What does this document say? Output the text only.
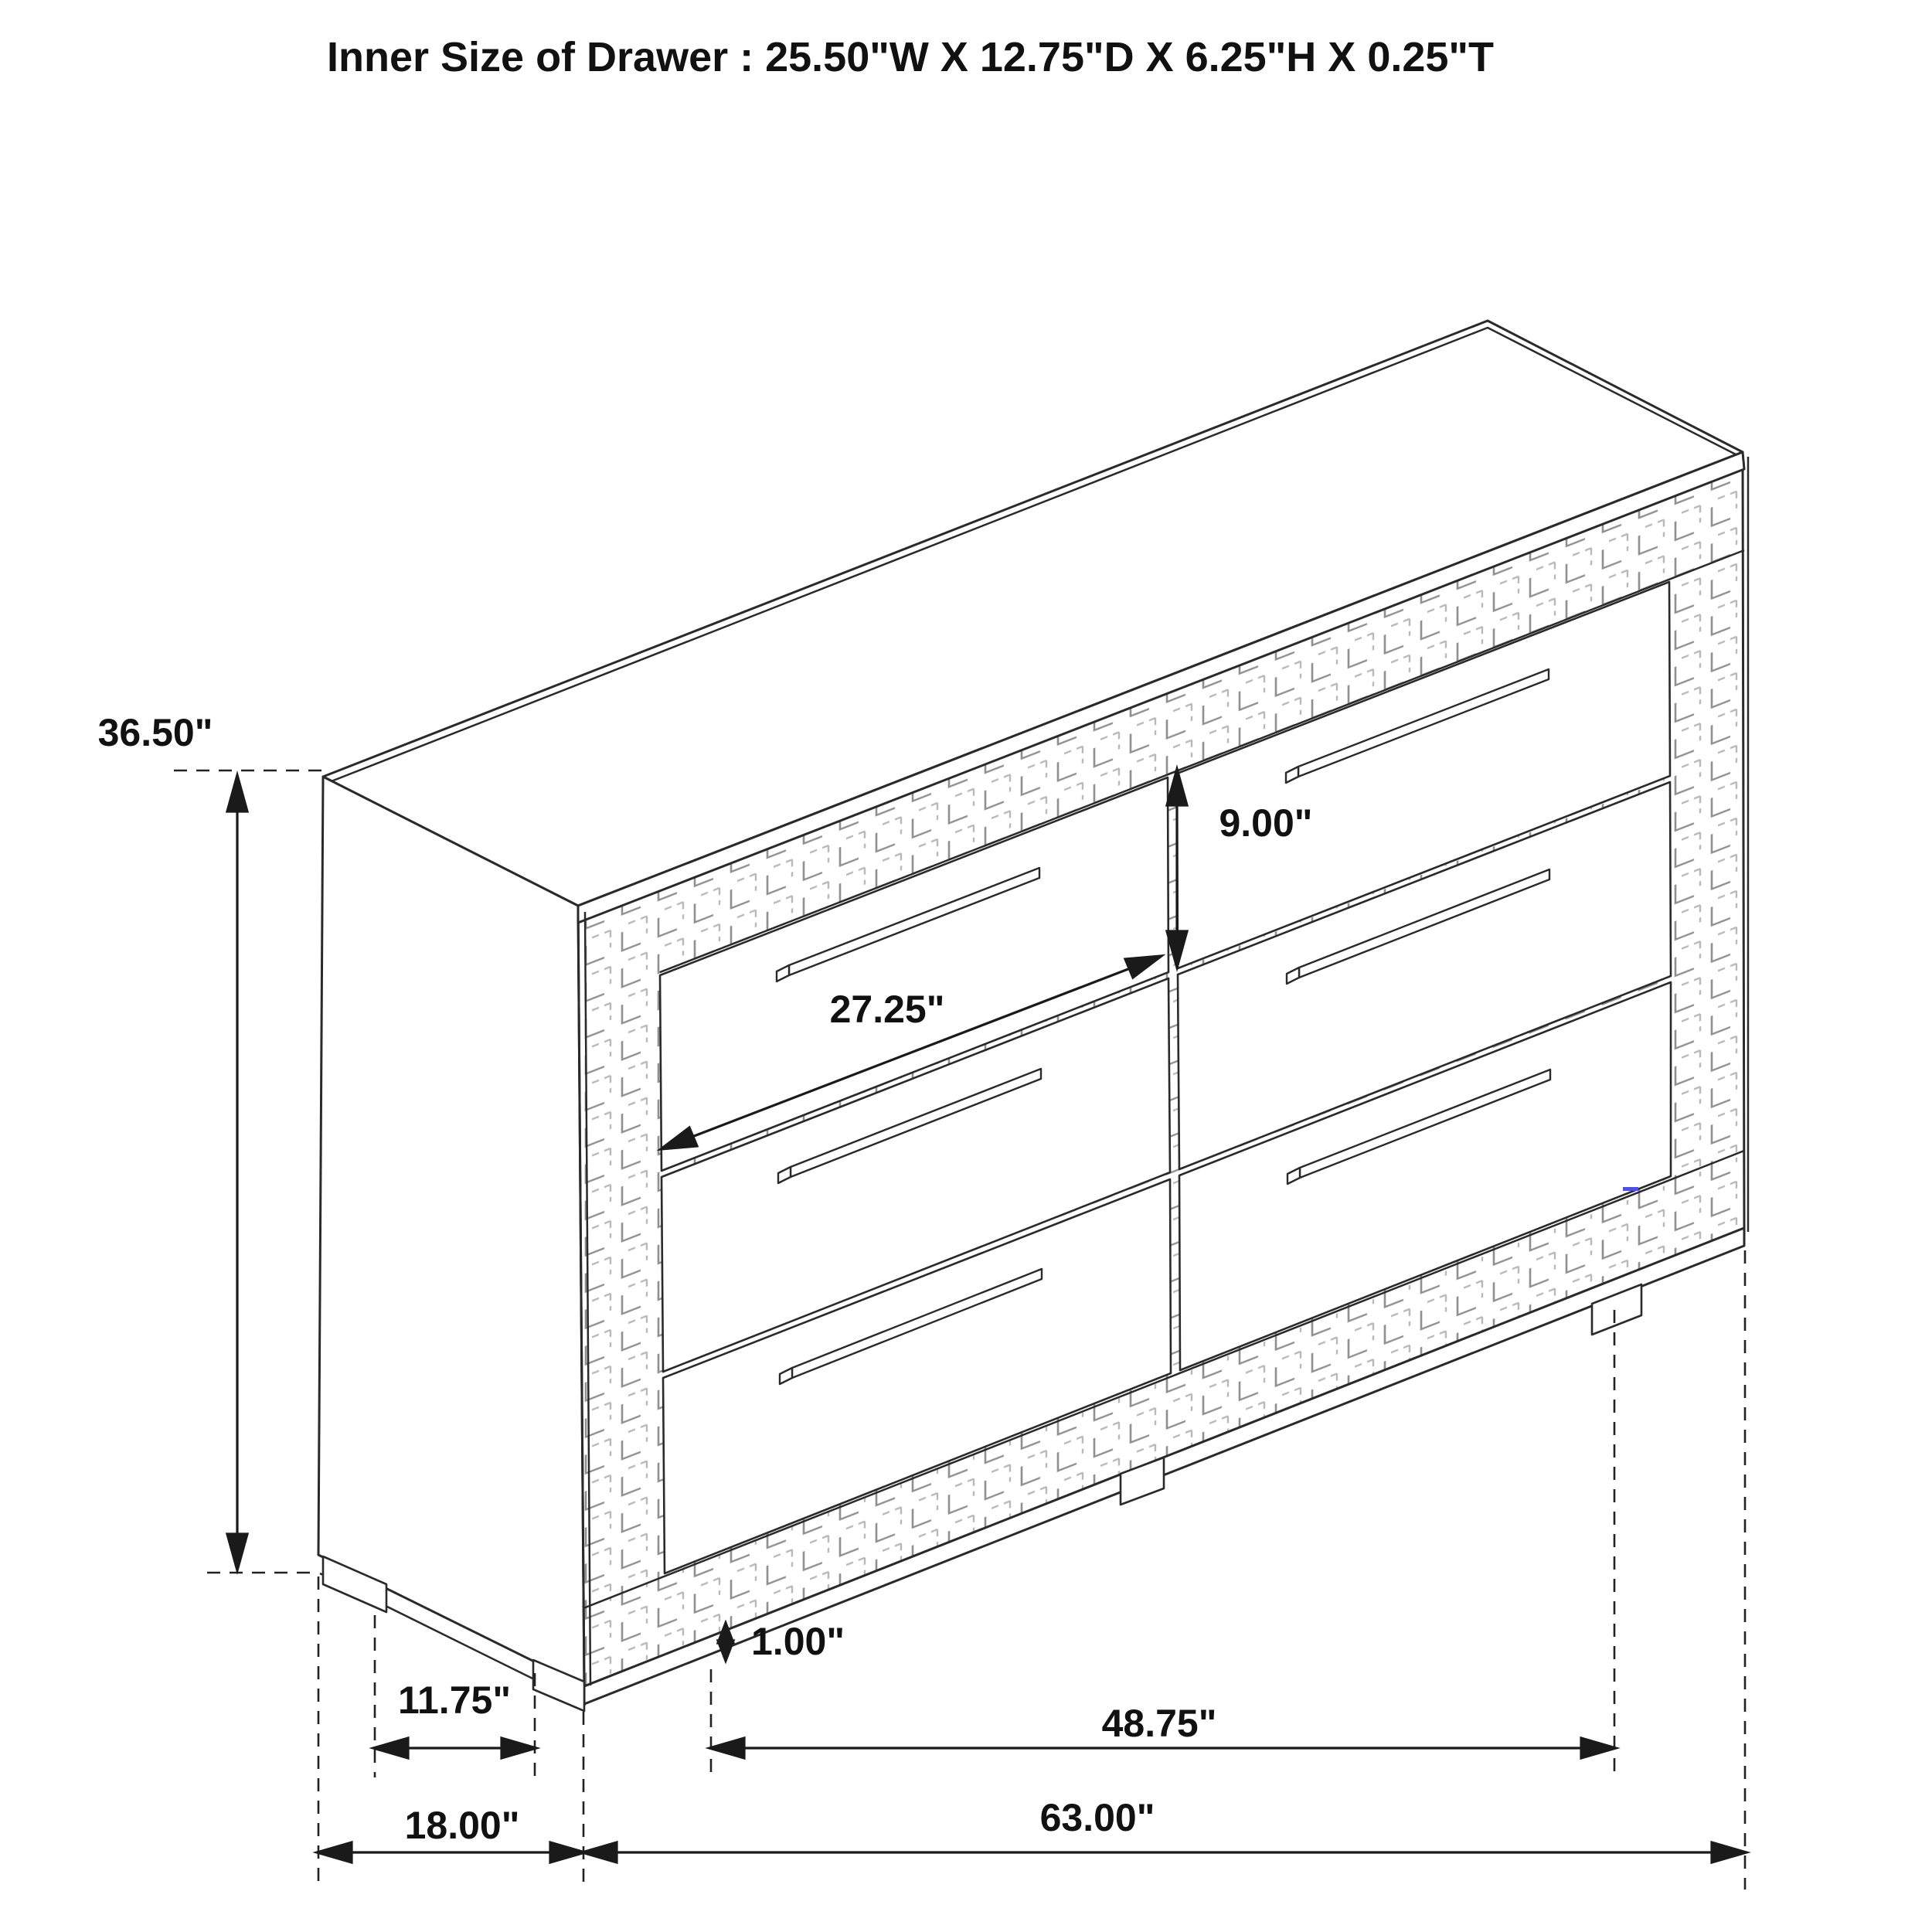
Inner Size of Drawer : 25.50"W X 12.75"D X 6.25"H X 0.25"T
36.50"
27.25"
9.00"
1.00"
11.75"
18.00"
48.75"
63.00"
